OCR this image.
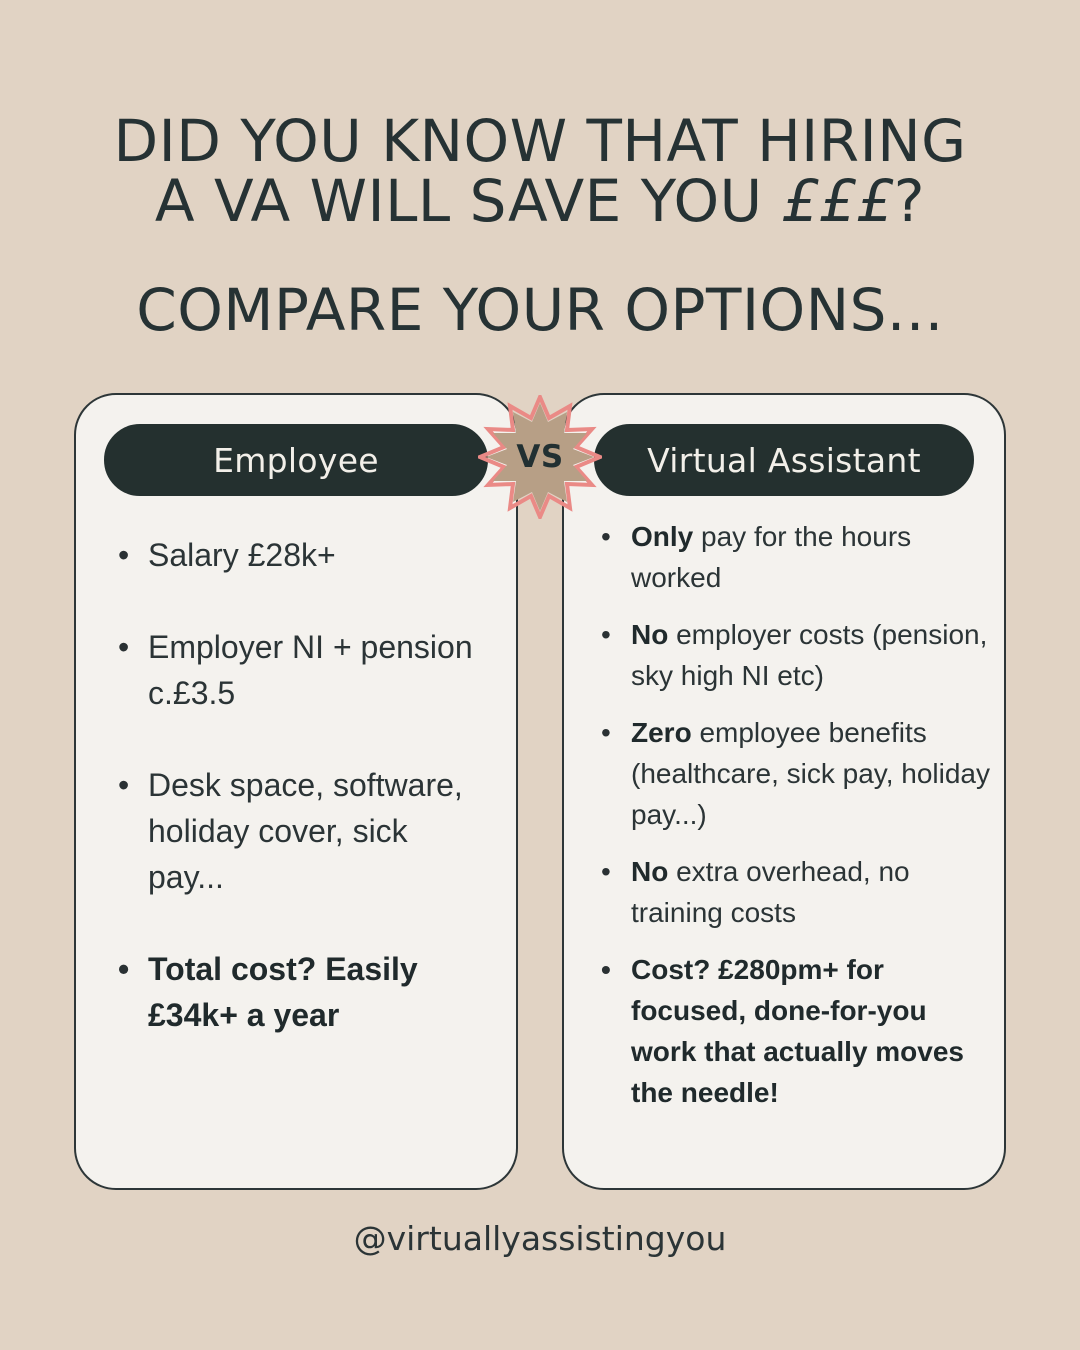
DID YOU KNOW THAT HIRING
A VA WILL SAVE YOU £££?
COMPARE YOUR OPTIONS...
Employee	Virtual Assistant
VS
• Salary £28k+
• Employer NI + pension c.£3.5
• Desk space, software, holiday cover, sick pay...
• Total cost? Easily £34k+ a year
• Only pay for the hours worked
• No employer costs (pension, sky high NI etc)
• Zero employee benefits (healthcare, sick pay, holiday pay...)
• No extra overhead, no training costs
• Cost? £280pm+ for focused, done-for-you work that actually moves the needle!
@virtuallyassistingyou
